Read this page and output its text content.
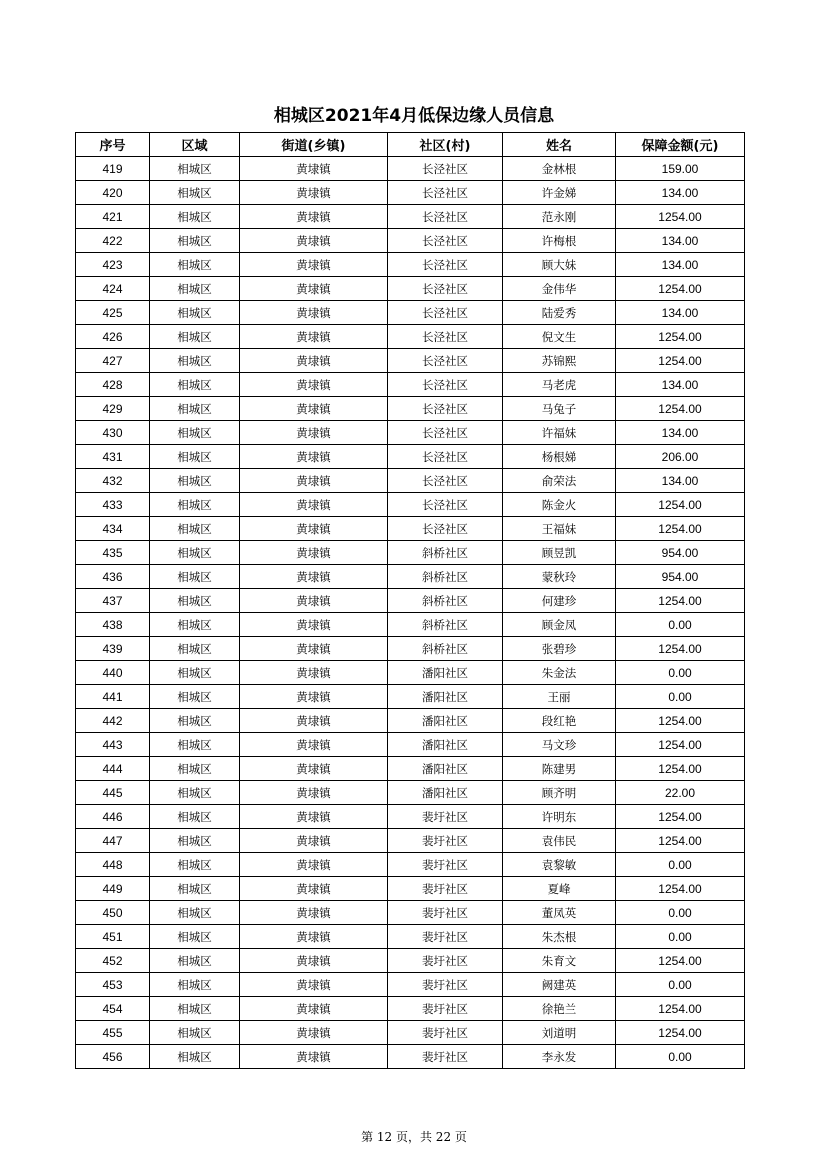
相城区2021年4月低保边缘人员信息
序号	区域	街道(乡镇)	社区(村)	姓名	保障金额(元)
419	相城区	黄埭镇	长泾社区	金林根	159.00
420	相城区	黄埭镇	长泾社区	许金娣	134.00
421	相城区	黄埭镇	长泾社区	范永刚	1254.00
422	相城区	黄埭镇	长泾社区	许梅根	134.00
423	相城区	黄埭镇	长泾社区	顾大妹	134.00
424	相城区	黄埭镇	长泾社区	金伟华	1254.00
425	相城区	黄埭镇	长泾社区	陆爱秀	134.00
426	相城区	黄埭镇	长泾社区	倪文生	1254.00
427	相城区	黄埭镇	长泾社区	苏锦熙	1254.00
428	相城区	黄埭镇	长泾社区	马老虎	134.00
429	相城区	黄埭镇	长泾社区	马兔子	1254.00
430	相城区	黄埭镇	长泾社区	许福妹	134.00
431	相城区	黄埭镇	长泾社区	杨根娣	206.00
432	相城区	黄埭镇	长泾社区	俞荣法	134.00
433	相城区	黄埭镇	长泾社区	陈金火	1254.00
434	相城区	黄埭镇	长泾社区	王福妹	1254.00
435	相城区	黄埭镇	斜桥社区	顾昱凯	954.00
436	相城区	黄埭镇	斜桥社区	蒙秋玲	954.00
437	相城区	黄埭镇	斜桥社区	何建珍	1254.00
438	相城区	黄埭镇	斜桥社区	顾金凤	0.00
439	相城区	黄埭镇	斜桥社区	张碧珍	1254.00
440	相城区	黄埭镇	潘阳社区	朱金法	0.00
441	相城区	黄埭镇	潘阳社区	王丽	0.00
442	相城区	黄埭镇	潘阳社区	段红艳	1254.00
443	相城区	黄埭镇	潘阳社区	马文珍	1254.00
444	相城区	黄埭镇	潘阳社区	陈建男	1254.00
445	相城区	黄埭镇	潘阳社区	顾齐明	22.00
446	相城区	黄埭镇	裴圩社区	许明东	1254.00
447	相城区	黄埭镇	裴圩社区	袁伟民	1254.00
448	相城区	黄埭镇	裴圩社区	袁黎敏	0.00
449	相城区	黄埭镇	裴圩社区	夏峰	1254.00
450	相城区	黄埭镇	裴圩社区	董凤英	0.00
451	相城区	黄埭镇	裴圩社区	朱杰根	0.00
452	相城区	黄埭镇	裴圩社区	朱育文	1254.00
453	相城区	黄埭镇	裴圩社区	阙建英	0.00
454	相城区	黄埭镇	裴圩社区	徐艳兰	1254.00
455	相城区	黄埭镇	裴圩社区	刘道明	1254.00
456	相城区	黄埭镇	裴圩社区	李永发	0.00
第 12 页，共 22 页
